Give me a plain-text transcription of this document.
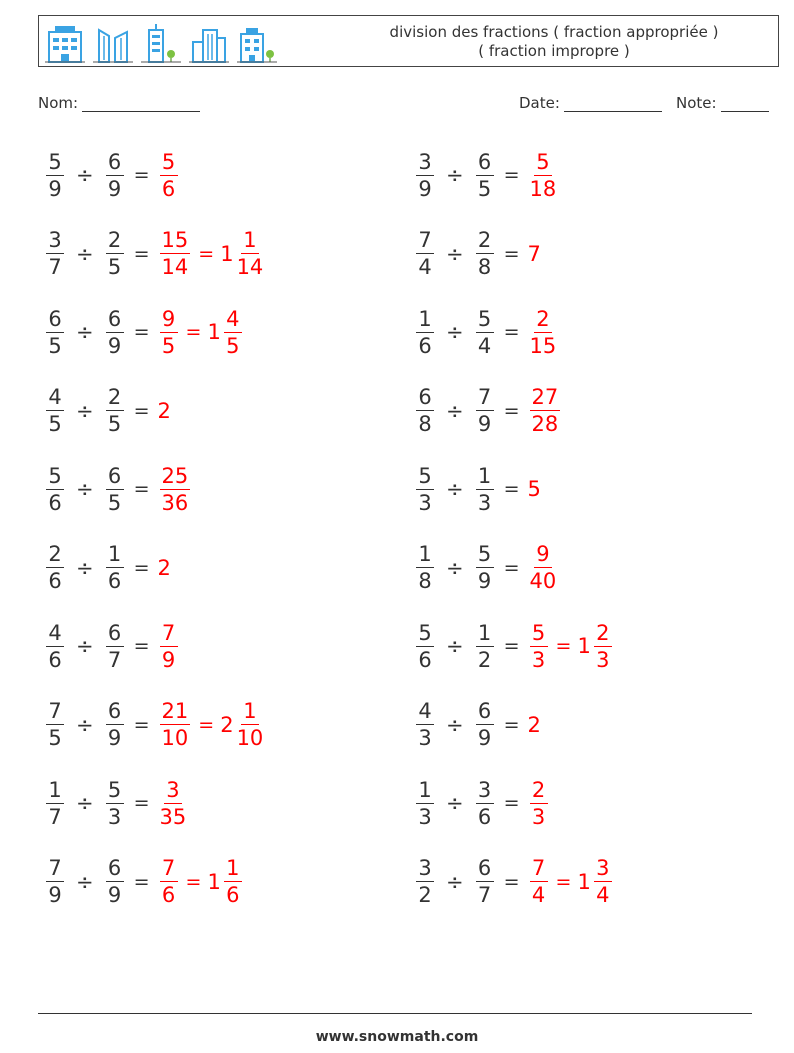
division des fractions ( fraction appropriée )
( fraction impropre )
Nom:	Date:	Note:
$\frac{5}{9} \div \frac{6}{9} = \frac{5}{6}$
$\frac{3}{7} \div \frac{2}{5} = \frac{15}{14} = 1 \frac{1}{14}$
$\frac{6}{5} \div \frac{6}{9} = \frac{9}{5} = 1 \frac{4}{5}$
$\frac{4}{5} \div \frac{2}{5} = 2$
$\frac{5}{6} \div \frac{6}{5} = \frac{25}{36}$
$\frac{2}{6} \div \frac{1}{6} = 2$
$\frac{4}{6} \div \frac{6}{7} = \frac{7}{9}$
$\frac{7}{5} \div \frac{6}{9} = \frac{21}{10} = 2 \frac{1}{10}$
$\frac{1}{7} \div \frac{5}{3} = \frac{3}{35}$
$\frac{7}{9} \div \frac{6}{9} = \frac{7}{6} = 1 \frac{1}{6}$
$\frac{3}{9} \div \frac{6}{5} = \frac{5}{18}$
$\frac{7}{4} \div \frac{2}{8} = 7$
$\frac{1}{6} \div \frac{5}{4} = \frac{2}{15}$
$\frac{6}{8} \div \frac{7}{9} = \frac{27}{28}$
$\frac{5}{3} \div \frac{1}{3} = 5$
$\frac{1}{8} \div \frac{5}{9} = \frac{9}{40}$
$\frac{5}{6} \div \frac{1}{2} = \frac{5}{3} = 1 \frac{2}{3}$
$\frac{4}{3} \div \frac{6}{9} = 2$
$\frac{1}{3} \div \frac{3}{6} = \frac{2}{3}$
$\frac{3}{2} \div \frac{6}{7} = \frac{7}{4} = 1 \frac{3}{4}$
www.snowmath.com
